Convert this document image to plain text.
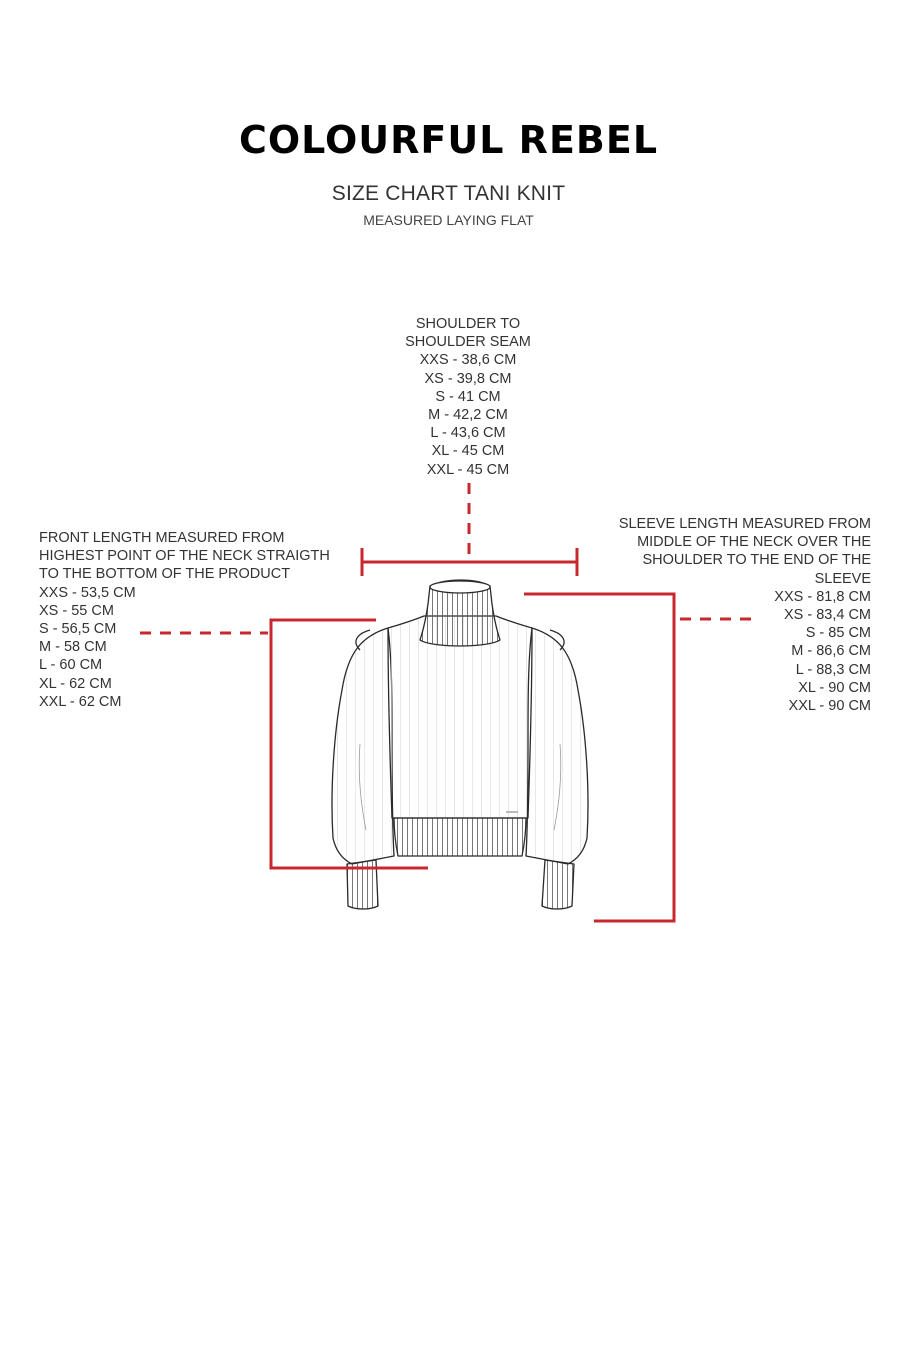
COLOURFUL REBEL
SIZE CHART TANI KNIT
MEASURED LAYING FLAT
SHOULDER TO
SHOULDER SEAM
XXS - 38,6 CM
XS - 39,8 CM
S - 41 CM
M - 42,2 CM
L - 43,6 CM
XL - 45 CM
XXL - 45 CM
FRONT LENGTH MEASURED FROM
HIGHEST POINT OF THE NECK STRAIGTH
TO THE BOTTOM OF THE PRODUCT
XXS - 53,5 CM
XS - 55 CM
S - 56,5 CM
M - 58 CM
L - 60 CM
XL - 62 CM
XXL - 62 CM
SLEEVE LENGTH MEASURED FROM
MIDDLE OF THE NECK OVER THE
SHOULDER TO THE END OF THE
SLEEVE
XXS - 81,8 CM
XS - 83,4 CM
S - 85 CM
M - 86,6 CM
L - 88,3 CM
XL - 90 CM
XXL - 90 CM
